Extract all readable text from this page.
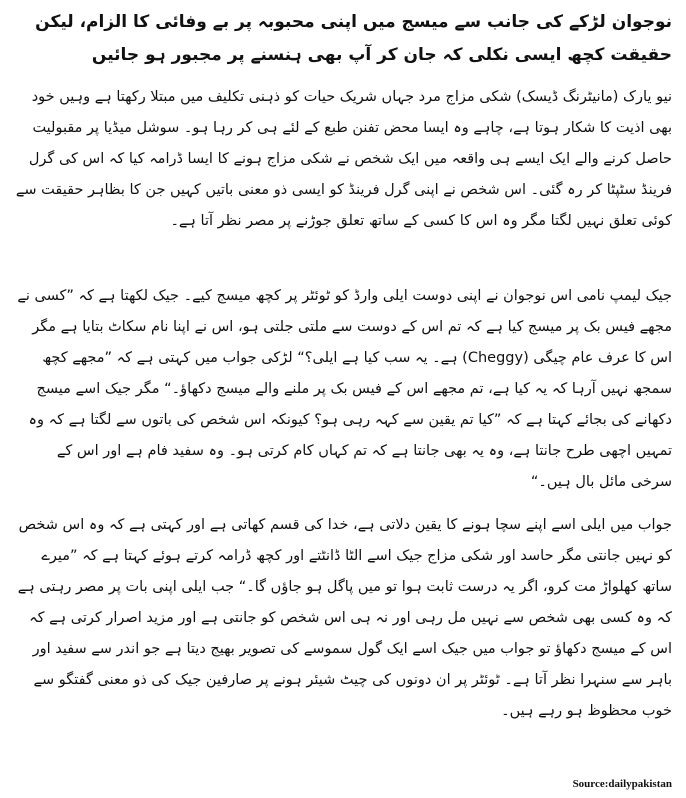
نوجوان لڑکے کی جانب سے میسج میں اپنی محبوبہ پر بے وفائی کا الزام، لیکن حقیقت کچھ ایسی نکلی کہ جان کر آپ بھی ہنسنے پر مجبور ہو جائیں

نیو یارک (مانیٹرنگ ڈیسک) شکی مزاج مرد جہاں شریک حیات کو ذہنی تکلیف میں مبتلا رکھتا ہے وہیں خود بھی اذیت کا شکار ہوتا ہے، چاہے وہ ایسا محض تفنن طبع کے لئے ہی کر رہا ہو۔ سوشل میڈیا پر مقبولیت حاصل کرنے والے ایک ایسے ہی واقعہ میں ایک شخص نے شکی مزاج ہونے کا ایسا ڈرامہ کیا کہ اس کی گرل فرینڈ سٹپٹا کر رہ گئی۔ اس شخص نے اپنی گرل فرینڈ کو ایسی ذو معنی باتیں کہیں جن کا بظاہر حقیقت سے کوئی تعلق نہیں لگتا مگر وہ اس کا کسی کے ساتھ تعلق جوڑنے پر مصر نظر آتا ہے۔

جیک لیمپ نامی اس نوجوان نے اپنی دوست ایلی وارڈ کو ٹوئٹر پر کچھ میسج کیے۔ جیک لکھتا ہے کہ ”کسی نے مجھے فیس بک پر میسج کیا ہے کہ تم اس کے دوست سے ملتی جلتی ہو، اس نے اپنا نام سکاٹ بتایا ہے مگر اس کا عرف عام چیگی (Cheggy) ہے۔ یہ سب کیا ہے ایلی؟“ لڑکی جواب میں کہتی ہے کہ ”مجھے کچھ سمجھ نہیں آرہا کہ یہ کیا ہے، تم مجھے اس کے فیس بک پر ملنے والے میسج دکھاؤ۔“ مگر جیک اسے میسج دکھانے کی بجائے کہتا ہے کہ ”کیا تم یقین سے کہہ رہی ہو؟ کیونکہ اس شخص کی باتوں سے لگتا ہے کہ وہ تمہیں اچھی طرح جانتا ہے، وہ یہ بھی جانتا ہے کہ تم کہاں کام کرتی ہو۔ وہ سفید فام ہے اور اس کے سرخی مائل بال ہیں۔“

جواب میں ایلی اسے اپنے سچا ہونے کا یقین دلاتی ہے، خدا کی قسم کھاتی ہے اور کہتی ہے کہ وہ اس شخص کو نہیں جانتی مگر حاسد اور شکی مزاج جیک اسے الٹا ڈانٹتے اور کچھ ڈرامہ کرتے ہوئے کہتا ہے کہ ”میرے ساتھ کھلواڑ مت کرو، اگر یہ درست ثابت ہوا تو میں پاگل ہو جاؤں گا۔“ جب ایلی اپنی بات پر مصر رہتی ہے کہ وہ کسی بھی شخص سے نہیں مل رہی اور نہ ہی اس شخص کو جانتی ہے اور مزید اصرار کرتی ہے کہ اس کے میسج دکھاؤ تو جواب میں جیک اسے ایک گول سموسے کی تصویر بھیج دیتا ہے جو اندر سے سفید اور باہر سے سنہرا نظر آتا ہے۔ ٹوئٹر پر ان دونوں کی چیٹ شیئر ہونے پر صارفین جیک کی ذو معنی گفتگو سے خوب محظوظ ہو رہے ہیں۔

Source:dailypakistan
